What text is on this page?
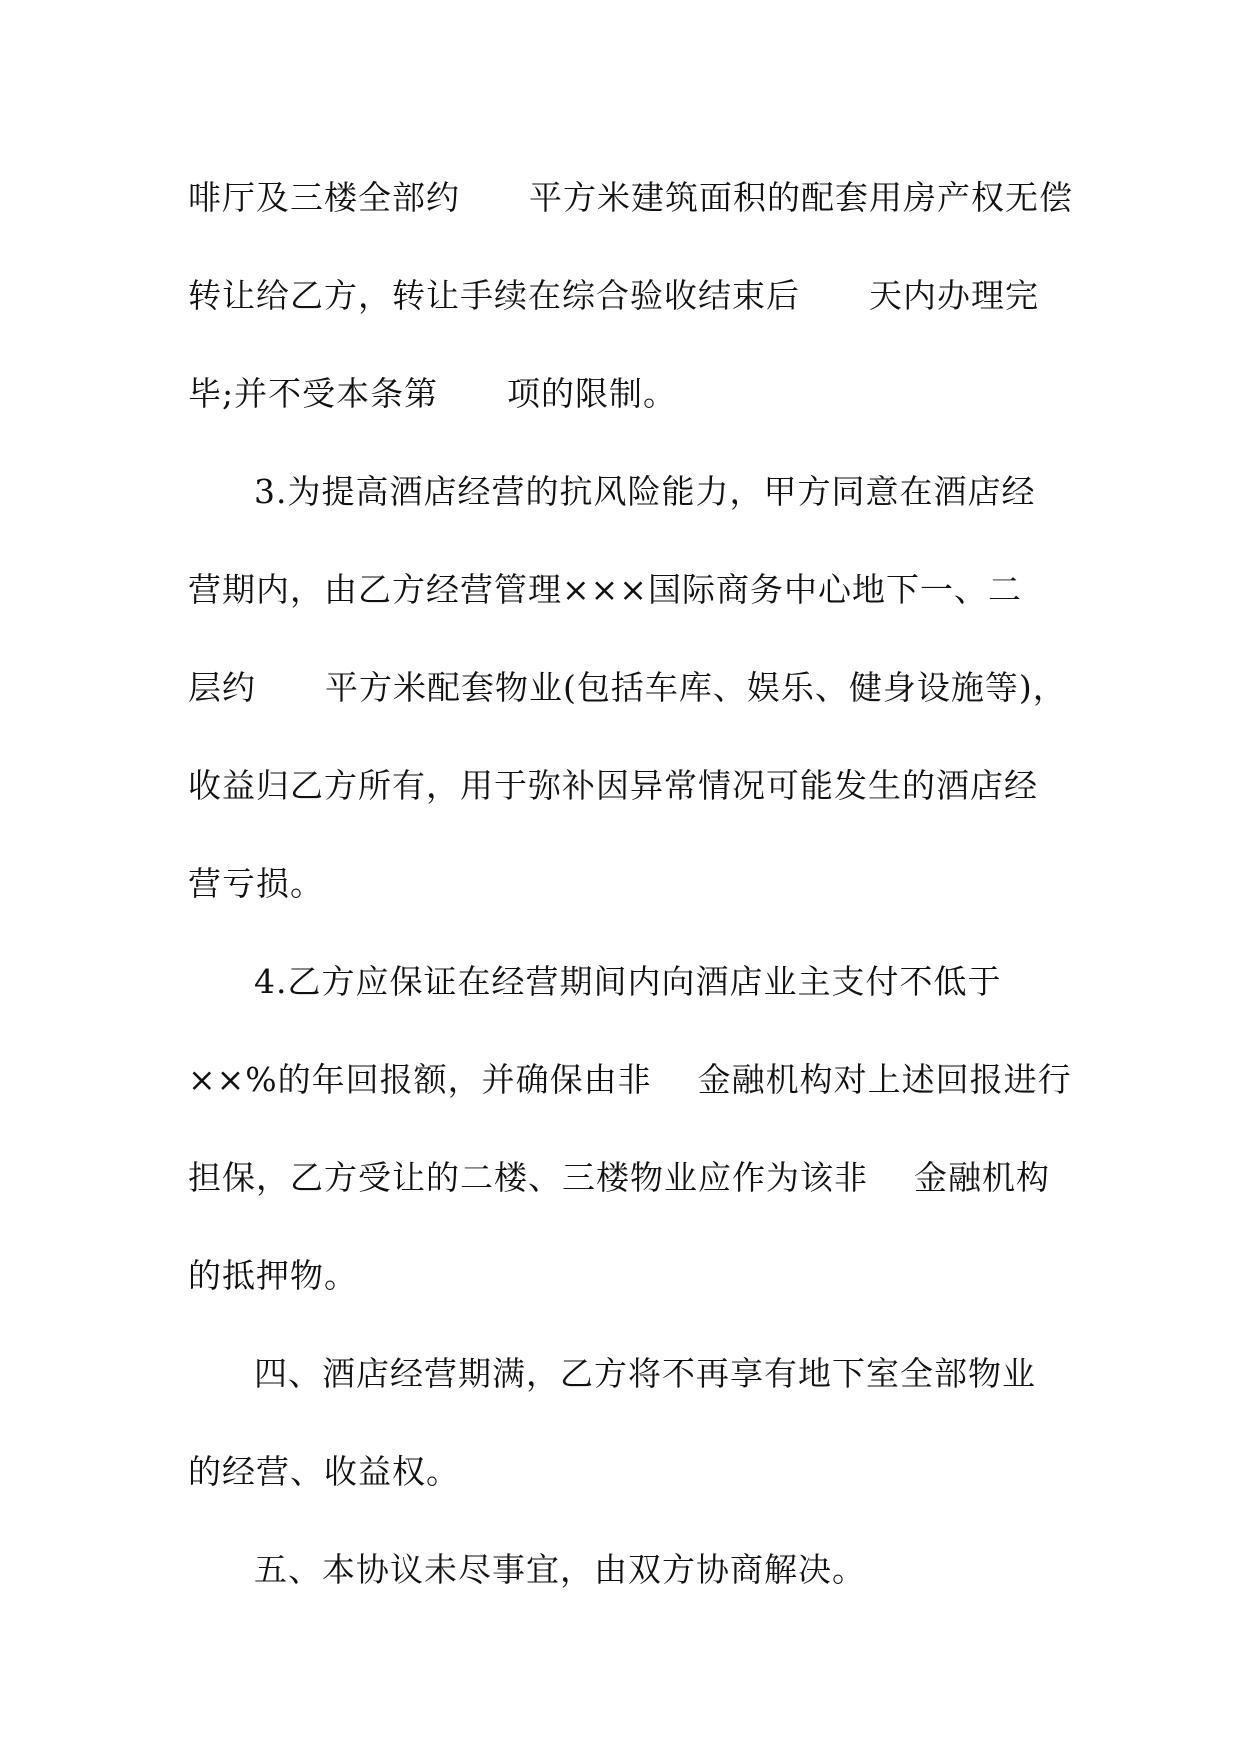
啡厅及三楼全部约      平方米建筑面积的配套用房产权无偿
转让给乙方，转让手续在综合验收结束后      天内办理完
毕;并不受本条第      项的限制。
3.为提高酒店经营的抗风险能力，甲方同意在酒店经
营期内，由乙方经营管理×××国际商务中心地下一、二
层约      平方米配套物业(包括车库、娱乐、健身设施等)，
收益归乙方所有，用于弥补因异常情况可能发生的酒店经
营亏损。
4.乙方应保证在经营期间内向酒店业主支付不低于
××%的年回报额，并确保由非    金融机构对上述回报进行
担保，乙方受让的二楼、三楼物业应作为该非    金融机构
的抵押物。
四、酒店经营期满，乙方将不再享有地下室全部物业
的经营、收益权。
五、本协议未尽事宜，由双方协商解决。
